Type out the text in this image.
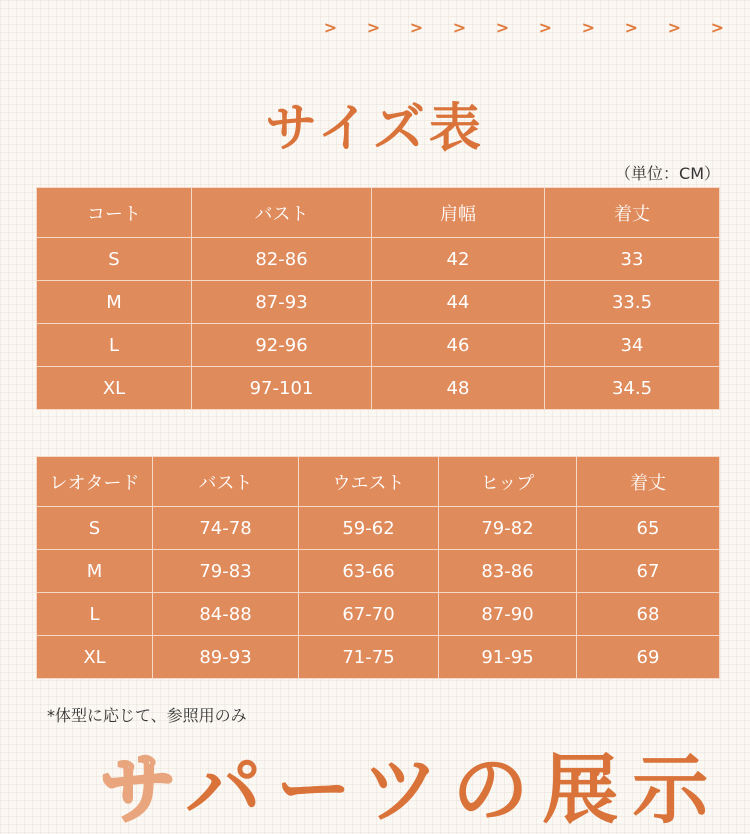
> > > > > > > > > >
サイズ表
（単位：CM）
コート	バスト	肩幅	着丈
S	82-86	42	33
M	87-93	44	33.5
L	92-96	46	34
XL	97-101	48	34.5
レオタード	バスト	ウエスト	ヒップ	着丈
S	74-78	59-62	79-82	65
M	79-83	63-66	83-86	67
L	84-88	67-70	87-90	68
XL	89-93	71-75	91-95	69
*体型に応じて、参照用のみ
サパーツの展示
